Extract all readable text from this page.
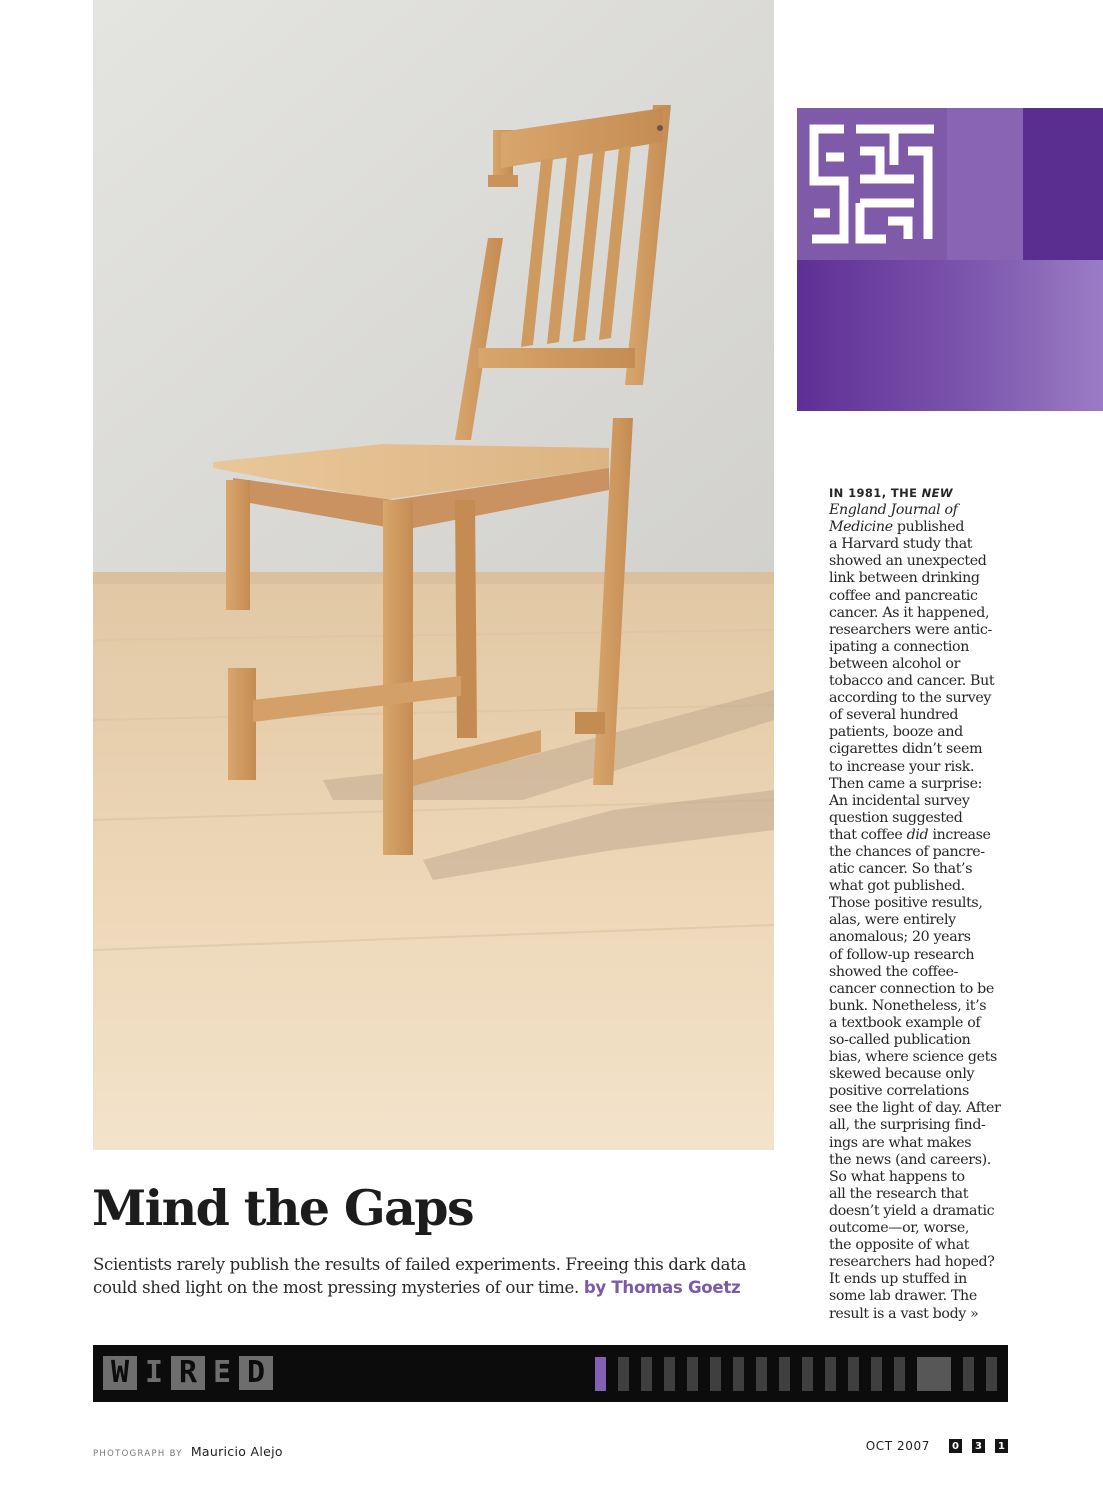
IN 1981, THE NEW
England Journal of
Medicine published
a Harvard study that
showed an unexpected
link between drinking
coffee and pancreatic
cancer. As it happened,
researchers were antic-
ipating a connection
between alcohol or
tobacco and cancer. But
according to the survey
of several hundred
patients, booze and
cigarettes didn’t seem
to increase your risk.
Then came a surprise:
An incidental survey
question suggested
that coffee did increase
the chances of pancre-
atic cancer. So that’s
what got published.
Those positive results,
alas, were entirely
anomalous; 20 years
of follow-up research
showed the coffee-
cancer connection to be
bunk. Nonetheless, it’s
a textbook example of
so-called publication
bias, where science gets
skewed because only
positive correlations
see the light of day. After
all, the surprising find-
ings are what makes
the news (and careers).
So what happens to
all the research that
doesn’t yield a dramatic
outcome—or, worse,
the opposite of what
researchers had hoped?
It ends up stuffed in
some lab drawer. The
result is a vast body »
Mind the Gaps
Scientists rarely publish the results of failed experiments. Freeing this dark data
could shed light on the most pressing mysteries of our time. by Thomas Goetz
W I R E D
PHOTOGRAPH BY Mauricio Alejo	OCT 2007	0	3	1
